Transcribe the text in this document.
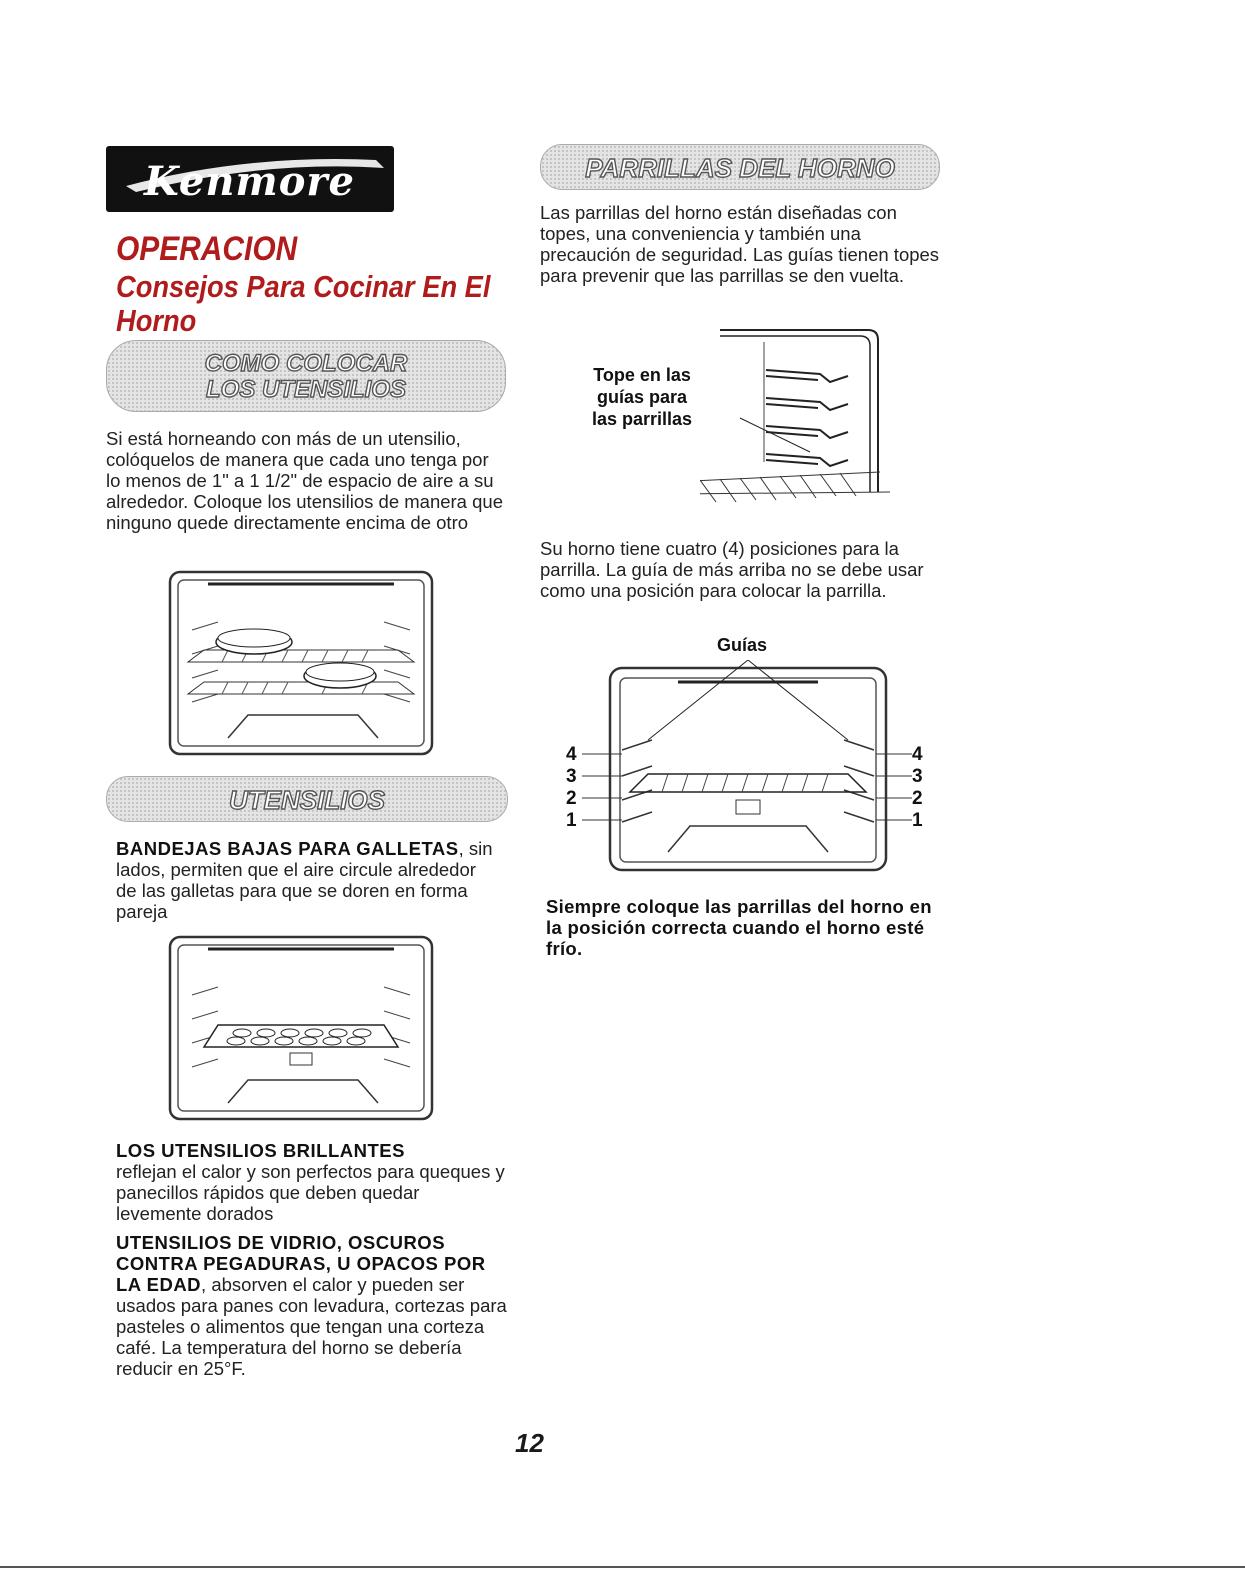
Kenmore
OPERACION
Consejos Para Cocinar En El Horno
COMO COLOCAR
LOS UTENSILIOS

Si está horneando con más de un utensilio, colóquelos de manera que cada uno tenga por lo menos de 1" a 1 1/2" de espacio de aire a su alrededor. Coloque los utensilios de manera que ninguno quede directamente encima de otro

UTENSILIOS

BANDEJAS BAJAS PARA GALLETAS, sin lados, permiten que el aire circule alrededor de las galletas para que se doren en forma pareja

LOS UTENSILIOS BRILLANTES
reflejan el calor y son perfectos para queques y panecillos rápidos que deben quedar levemente dorados

UTENSILIOS DE VIDRIO, OSCUROS CONTRA PEGADURAS, U OPACOS POR LA EDAD, absorven el calor y pueden ser usados para panes con levadura, cortezas para pasteles o alimentos que tengan una corteza café. La temperatura del horno se debería reducir en 25°F.

PARRILLAS DEL HORNO

Las parrillas del horno están diseñadas con topes, una conveniencia y también una precaución de seguridad. Las guías tienen topes para prevenir que las parrillas se den vuelta.

Tope en las
guías para
las parrillas

Su horno tiene cuatro (4) posiciones para la parrilla. La guía de más arriba no se debe usar como una posición para colocar la parrilla.

Guías
4
3
2
1
4
3
2
1

Siempre coloque las parrillas del horno en la posición correcta cuando el horno esté frío.

12
